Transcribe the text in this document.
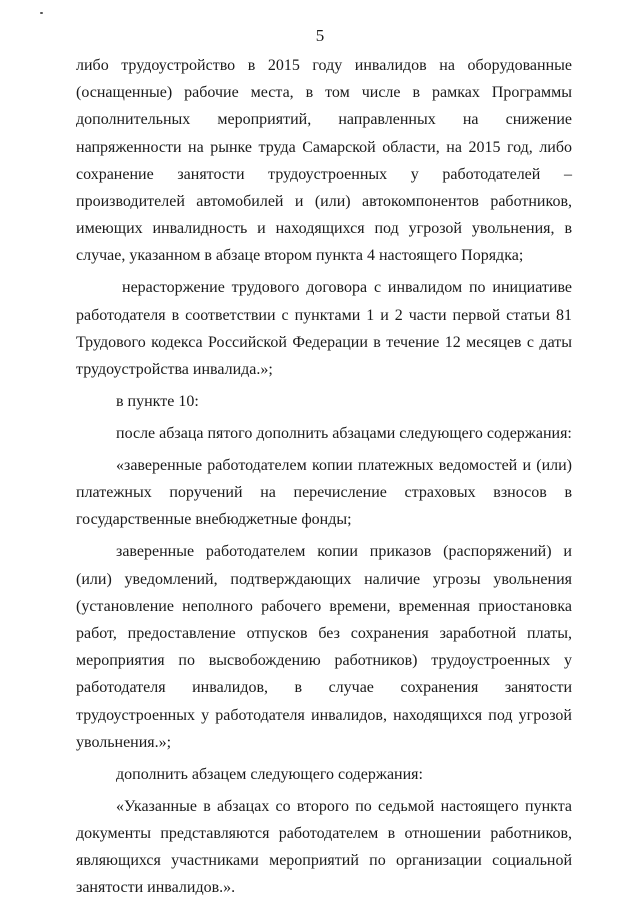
5

либо трудоустройство в 2015 году инвалидов на оборудованные (оснащенные) рабочие места, в том числе в рамках Программы дополнительных мероприятий, направленных на снижение напряженности на рынке труда Самарской области, на 2015 год, либо сохранение занятости трудоустроенных у работодателей – производителей автомобилей и (или) автокомпонентов работников, имеющих инвалидность и находящихся под угрозой увольнения, в случае, указанном в абзаце втором пункта 4 настоящего Порядка;

нерасторжение трудового договора с инвалидом по инициативе работодателя в соответствии с пунктами 1 и 2 части первой статьи 81 Трудового кодекса Российской Федерации в течение 12 месяцев с даты трудоустройства инвалида.»;

в пункте 10:

после абзаца пятого дополнить абзацами следующего содержания:

«заверенные работодателем копии платежных ведомостей и (или) платежных поручений на перечисление страховых взносов в государственные внебюджетные фонды;

заверенные работодателем копии приказов (распоряжений) и (или) уведомлений, подтверждающих наличие угрозы увольнения (установление неполного рабочего времени, временная приостановка работ, предоставление отпусков без сохранения заработной платы, мероприятия по высвобождению работников) трудоустроенных у работодателя инвалидов, в случае сохранения занятости трудоустроенных у работодателя инвалидов, находящихся под угрозой увольнения.»;

дополнить абзацем следующего содержания:

«Указанные в абзацах со второго по седьмой настоящего пункта документы представляются работодателем в отношении работников, являющихся участниками мероприятий по организации социальной занятости инвалидов.».
